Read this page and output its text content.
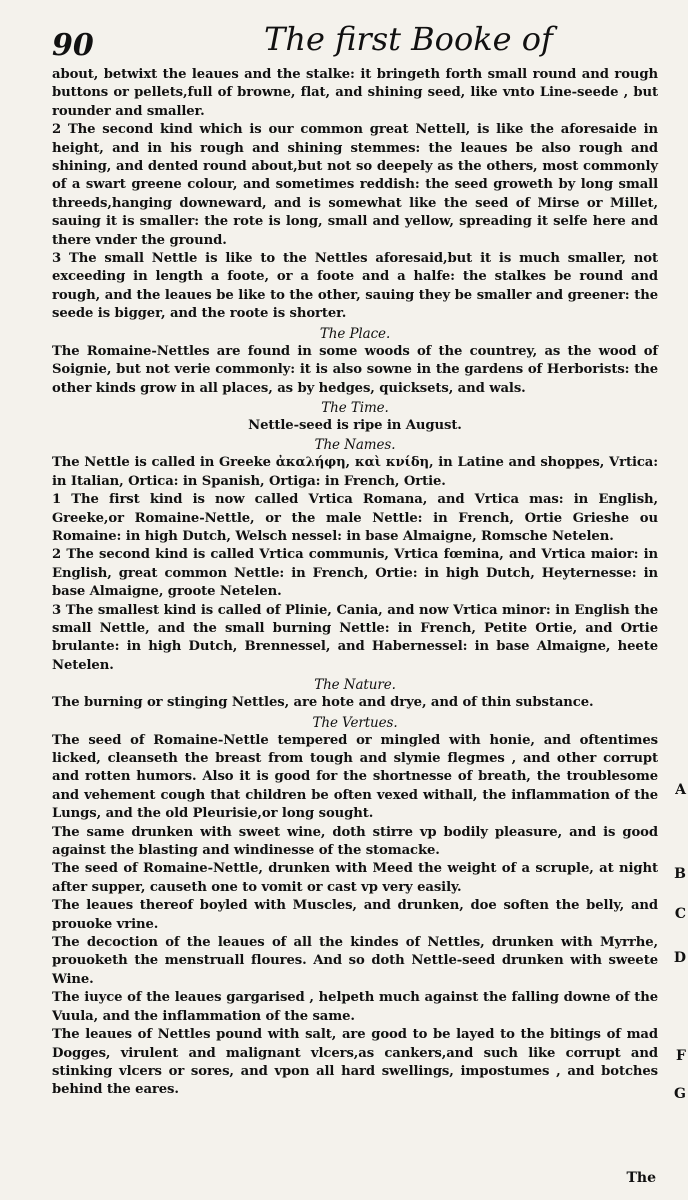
90	The first Booke of

about, betwixt the leaues and the stalke: it bringeth forth small round and rough buttons or pellets,full of browne, flat, and shining seed, like vnto Line-seede , but rounder and smaller.

2 The second kind which is our common great Nettell, is like the aforesaide in height, and in his rough and shining stemmes: the leaues be also rough and shining, and dented round about,but not so deepely as the others, most commonly of a swart greene colour, and sometimes reddish: the seed groweth by long small threeds,hanging downeward, and is somewhat like the seed of Mirse or Millet, sauing it is smaller: the rote is long, small and yellow, spreading it selfe here and there vnder the ground.

3 The small Nettle is like to the Nettles aforesaid,but it is much smaller, not exceeding in length a foote, or a foote and a halfe: the stalkes be round and rough, and the leaues be like to the other, sauing they be smaller and greener: the seede is bigger, and the roote is shorter.

The Place.

The Romaine-Nettles are found in some woods of the countrey, as the wood of Soignie, but not verie commonly: it is also sowne in the gardens of Herborists: the other kinds grow in all places, as by hedges, quicksets, and wals.

The Time.

Nettle-seed is ripe in August.

The Names.

The Nettle is called in Greeke ἀκαλήφη, καὶ κνίδη, in Latine and shoppes, Vrtica: in Italian, Ortica: in Spanish, Ortiga: in French, Ortie.

1 The first kind is now called Vrtica Romana, and Vrtica mas: in English, Greeke,or Romaine-Nettle, or the male Nettle: in French, Ortie Grieshe ou Romaine: in high Dutch, Welsch nessel: in base Almaigne, Romsche Netelen.

2 The second kind is called Vrtica communis, Vrtica fœmina, and Vrtica maior: in English, great common Nettle: in French, Ortie: in high Dutch, Heyternesse: in base Almaigne, groote Netelen.

3 The smallest kind is called of Plinie, Cania, and now Vrtica minor: in English the small Nettle, and the small burning Nettle: in French, Petite Ortie, and Ortie brulante: in high Dutch, Brennessel, and Habernessel: in base Almaigne, heete Netelen.

The Nature.

The burning or stinging Nettles, are hote and drye, and of thin substance.

The Vertues.

The seed of Romaine-Nettle tempered or mingled with honie, and oftentimes licked, cleanseth the breast from tough and slymie flegmes , and other corrupt and rotten humors. Also it is good for the shortnesse of breath, the troublesome and vehement cough that children be often vexed withall, the inflammation of the Lungs, and the old Pleurisie,or long sought.

The same drunken with sweet wine, doth stirre vp bodily pleasure, and is good against the blasting and windinesse of the stomacke.

The seed of Romaine-Nettle, drunken with Meed the weight of a scruple, at night after supper, causeth one to vomit or cast vp very easily.

The leaues thereof boyled with Muscles, and drunken, doe soften the belly, and prouoke vrine.

The decoction of the leaues of all the kindes of Nettles, drunken with Myrrhe, prouoketh the menstruall floures. And so doth Nettle-seed drunken with sweete Wine.

The iuyce of the leaues gargarised , helpeth much against the falling downe of the Vuula, and the inflammation of the same.

The leaues of Nettles pound with salt, are good to be layed to the bitings of mad Dogges, virulent and malignant vlcers,as cankers,and such like corrupt and stinking vlcers or sores, and vpon all hard swellings, impostumes , and botches behind the eares.

A
B
C
D
F
G
The
